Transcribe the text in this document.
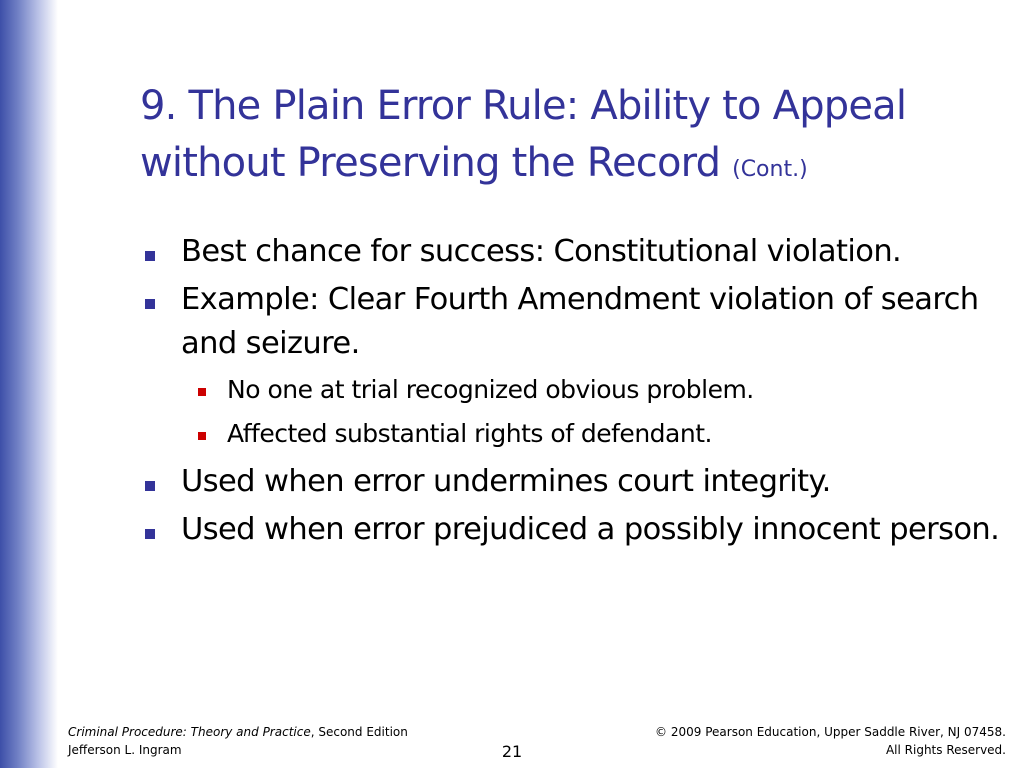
9. The Plain Error Rule: Ability to Appeal without Preserving the Record (Cont.)
Best chance for success: Constitutional violation.
Example: Clear Fourth Amendment violation of search and seizure.
No one at trial recognized obvious problem.
Affected substantial rights of defendant.
Used when error undermines court integrity.
Used when error prejudiced a possibly innocent person.
Criminal Procedure: Theory and Practice, Second Edition
Jefferson L. Ingram	21
© 2009 Pearson Education, Upper Saddle River, NJ 07458.
All Rights Reserved.
